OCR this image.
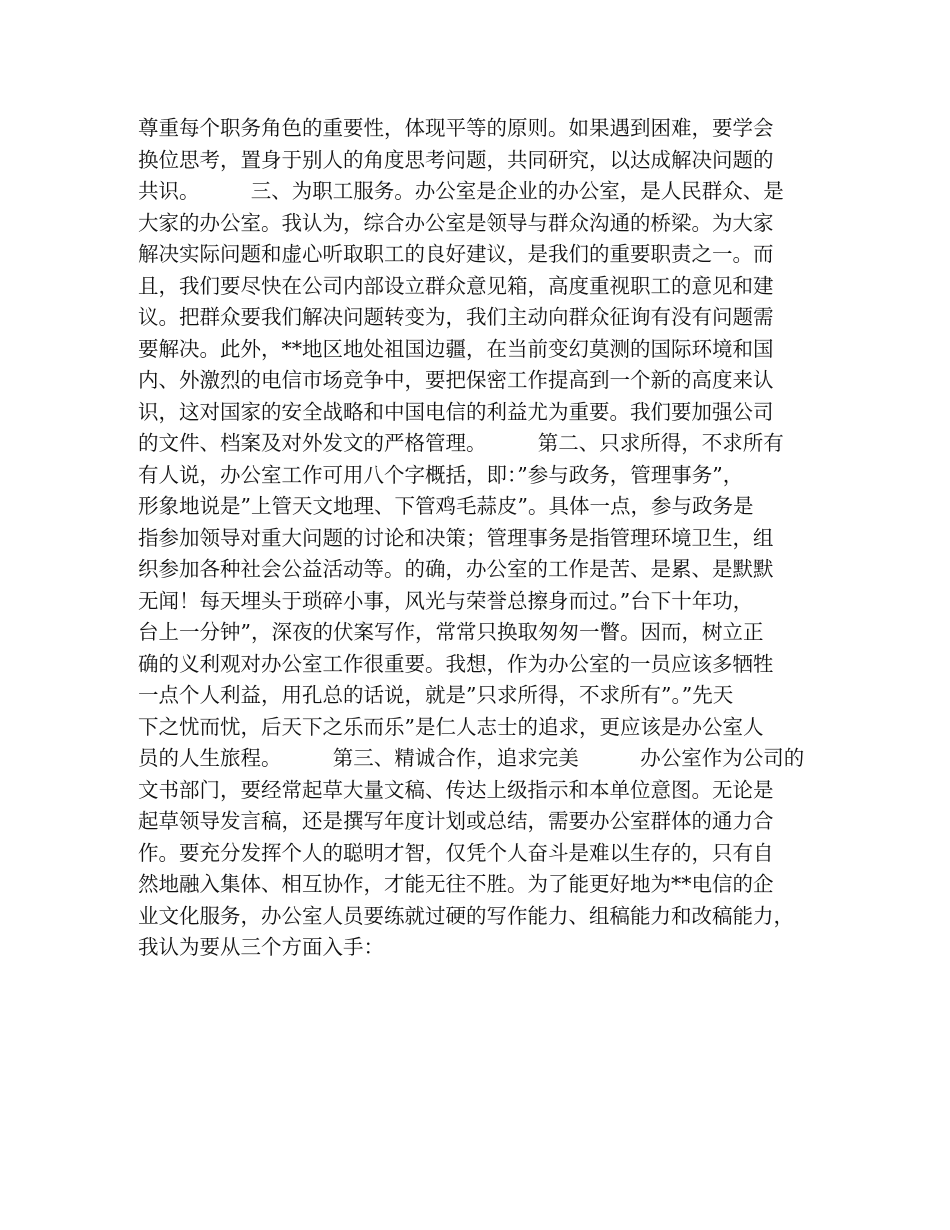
尊重每个职务角色的重要性，体现平等的原则。如果遇到困难，要学会
换位思考，置身于别人的角度思考问题，共同研究，以达成解决问题的
共识。　　　三、为职工服务。办公室是企业的办公室，是人民群众、是
大家的办公室。我认为，综合办公室是领导与群众沟通的桥梁。为大家
解决实际问题和虚心听取职工的良好建议，是我们的重要职责之一。而
且，我们要尽快在公司内部设立群众意见箱，高度重视职工的意见和建
议。把群众要我们解决问题转变为，我们主动向群众征询有没有问题需
要解决。此外，**地区地处祖国边疆，在当前变幻莫测的国际环境和国
内、外激烈的电信市场竞争中，要把保密工作提高到一个新的高度来认
识，这对国家的安全战略和中国电信的利益尤为重要。我们要加强公司
的文件、档案及对外发文的严格管理。　　　第二、只求所得，不求所有
有人说，办公室工作可用八个字概括，即：”参与政务，管理事务”，
形象地说是”上管天文地理、下管鸡毛蒜皮”。具体一点，参与政务是
指参加领导对重大问题的讨论和决策；管理事务是指管理环境卫生，组
织参加各种社会公益活动等。的确，办公室的工作是苦、是累、是默默
无闻！每天埋头于琐碎小事，风光与荣誉总擦身而过。”台下十年功，
台上一分钟”，深夜的伏案写作，常常只换取匆匆一瞥。因而，树立正
确的义利观对办公室工作很重要。我想，作为办公室的一员应该多牺牲
一点个人利益，用孔总的话说，就是”只求所得，不求所有”。”先天
下之忧而忧，后天下之乐而乐”是仁人志士的追求，更应该是办公室人
员的人生旅程。　　　第三、精诚合作，追求完美　　　办公室作为公司的
文书部门，要经常起草大量文稿、传达上级指示和本单位意图。无论是
起草领导发言稿，还是撰写年度计划或总结，需要办公室群体的通力合
作。要充分发挥个人的聪明才智，仅凭个人奋斗是难以生存的，只有自
然地融入集体、相互协作，才能无往不胜。为了能更好地为**电信的企
业文化服务，办公室人员要练就过硬的写作能力、组稿能力和改稿能力，
我认为要从三个方面入手：
